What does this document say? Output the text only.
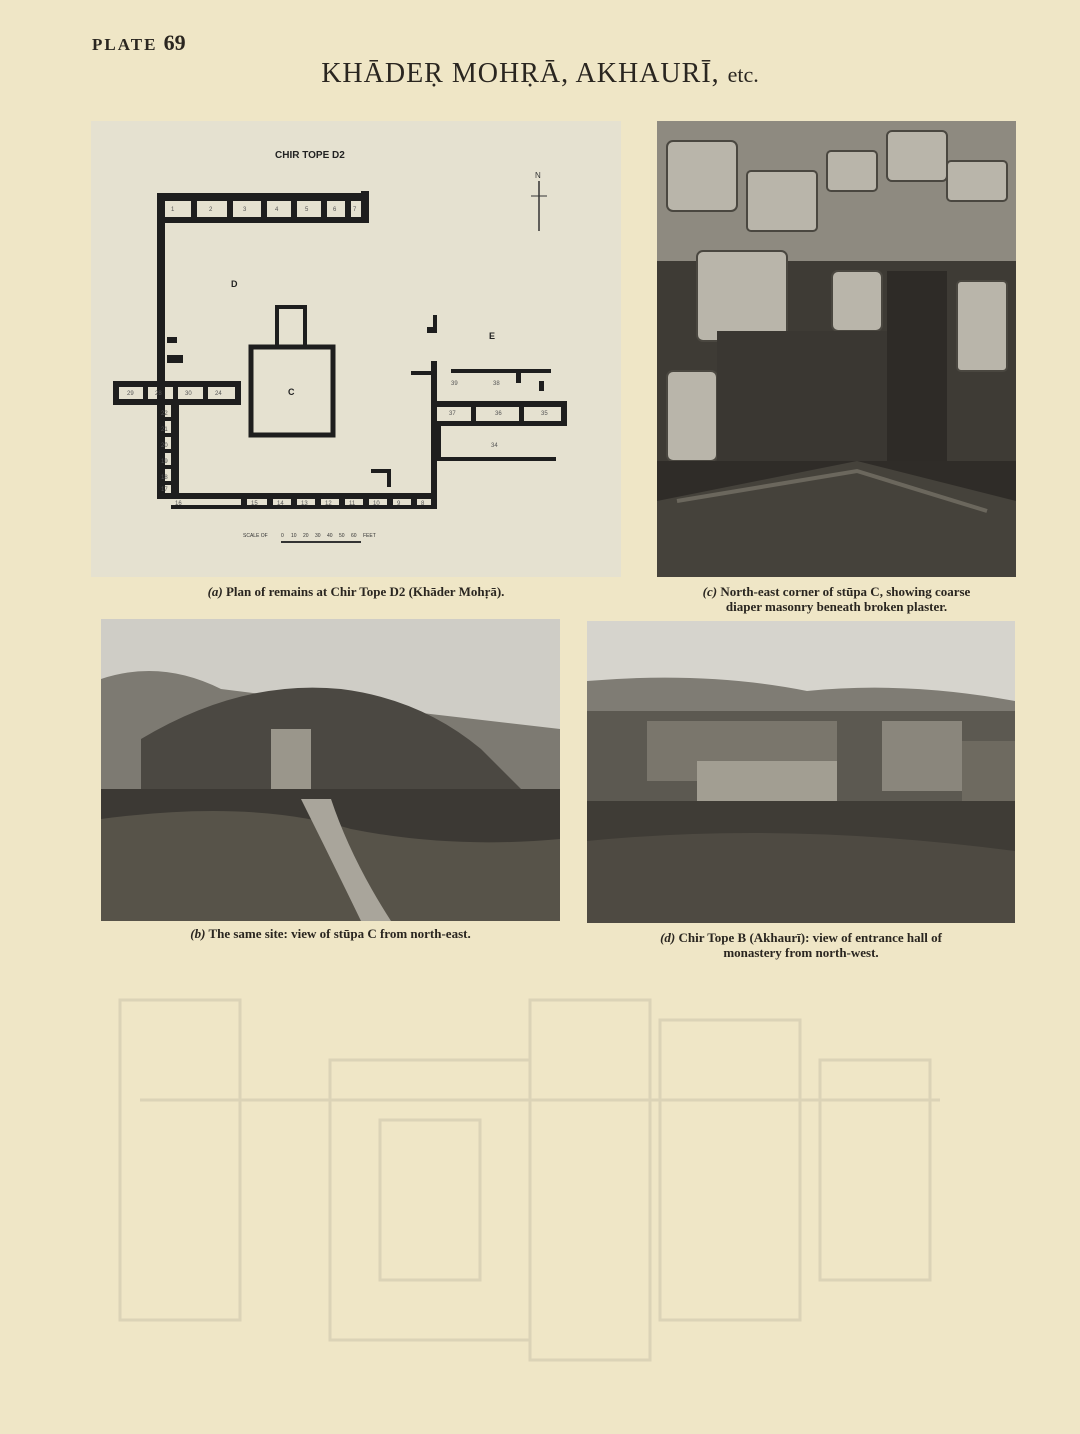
PLATE 69
KHĀDEṚ MOHṚĀ, AKHAURĪ, etc.
CHIR TOPE D2
N
1	2	3	4	5	6	7
29	28	30	24
22
21
20
19
18
17
16	15	14	13	12	11	10	9	8
39	38
37	36	35
34
D
C
E
SCALE OF	0 10 20 30 40 50 60 FEET
(a) Plan of remains at Chir Tope D2 (Khāder Mohṛā).	(c) North-east corner of stūpa C, showing coarse
diaper masonry beneath broken plaster.
(b) The same site: view of stūpa C from north-east.	(d) Chir Tope B (Akhaurī): view of entrance hall of
monastery from north-west.
